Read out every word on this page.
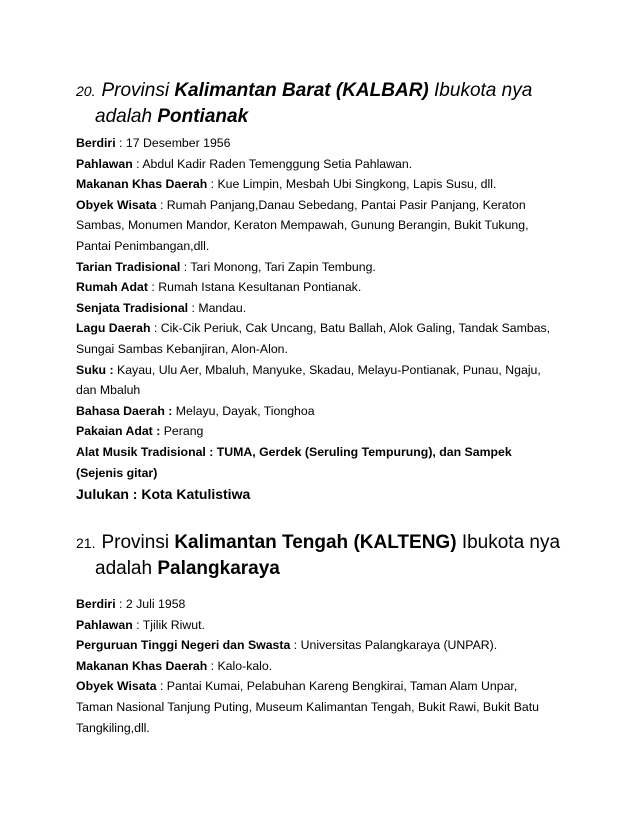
20. Provinsi Kalimantan Barat (KALBAR) Ibukota nya
adalah Pontianak
Berdiri : 17 Desember 1956
Pahlawan : Abdul Kadir Raden Temenggung Setia Pahlawan.
Makanan Khas Daerah : Kue Limpin, Mesbah Ubi Singkong, Lapis Susu, dll.
Obyek Wisata : Rumah Panjang,Danau Sebedang, Pantai Pasir Panjang, Keraton
Sambas, Monumen Mandor, Keraton Mempawah, Gunung Berangin, Bukit Tukung,
Pantai Penimbangan,dll.
Tarian Tradisional : Tari Monong, Tari Zapin Tembung.
Rumah Adat : Rumah Istana Kesultanan Pontianak.
Senjata Tradisional : Mandau.
Lagu Daerah : Cik-Cik Periuk, Cak Uncang, Batu Ballah, Alok Galing, Tandak Sambas,
Sungai Sambas Kebanjiran, Alon-Alon.
Suku : Kayau, Ulu Aer, Mbaluh, Manyuke, Skadau, Melayu-Pontianak, Punau, Ngaju,
dan Mbaluh
Bahasa Daerah : Melayu, Dayak, Tionghoa
Pakaian Adat : Perang
Alat Musik Tradisional : TUMA, Gerdek (Seruling Tempurung), dan Sampek
(Sejenis gitar)
Julukan : Kota Katulistiwa
21. Provinsi Kalimantan Tengah (KALTENG) Ibukota nya
adalah Palangkaraya
Berdiri : 2 Juli 1958
Pahlawan : Tjilik Riwut.
Perguruan Tinggi Negeri dan Swasta : Universitas Palangkaraya (UNPAR).
Makanan Khas Daerah : Kalo-kalo.
Obyek Wisata : Pantai Kumai, Pelabuhan Kareng Bengkirai, Taman Alam Unpar,
Taman Nasional Tanjung Puting, Museum Kalimantan Tengah, Bukit Rawi, Bukit Batu
Tangkiling,dll.
